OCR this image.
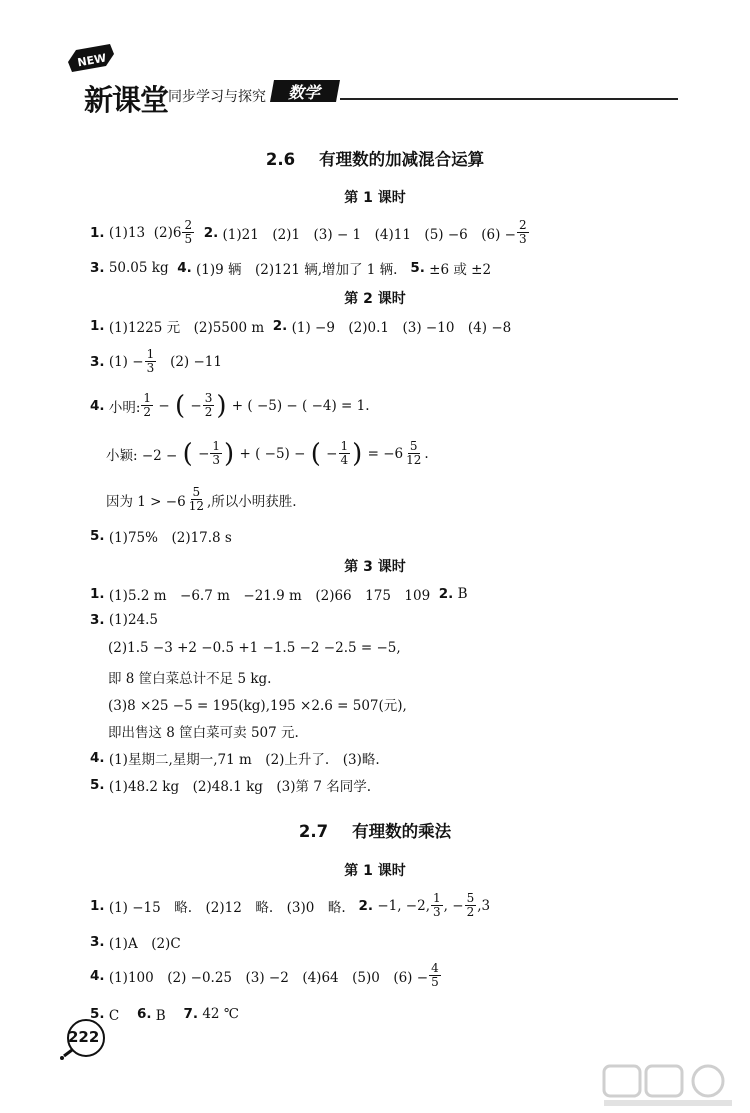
NEW
新课堂 同步学习与探究 数学
2.6 有理数的加减混合运算
第 1 课时
1.
(1)13
$(2)6 \frac{2}{5}$
2.
(1)21　(2)1　(3) − 1　(4)11　(5) −6　$(6) - \frac{2}{3}$
3.
50.05 kg
4.
(1)9 辆　(2)121 辆,增加了 1 辆.
5.
±6 或 ±2
第 2 课时
1.
(1)1225 元　(2)5500 m
2.
(1) −9　(2)0.1　(3) −10　(4) −8
3.
$(1) - \frac{1}{3}$
(2) −11
4.
小明: $\frac{1}{2}$ − ( − $\frac{3}{2}$ )
+ ( −5) − ( −4) = 1.
小颖: −2 −
( − $\frac{1}{3}$ )
+ ( −5) −
( − $\frac{1}{4}$ )
= $-6 \frac{5}{12}$ .
因为 $1 > -6 \frac{5}{12}$ ,所以小明获胜.
5.
(1)75%　(2)17.8 s
第 3 课时
1.
(1)5.2 m　−6.7 m　−21.9 m　(2)66　175　109
2.
B
3.
(1)24.5
(2)1.5 −3 +2 −0.5 +1 −1.5 −2 −2.5 = −5,
即 8 筐白菜总计不足 5 kg.
(3)8 ×25 −5 = 195(kg),195 ×2.6 = 507(元),
即出售这 8 筐白菜可卖 507 元.
4.
(1)星期二,星期一,71 m　(2)上升了.　(3)略.
5.
(1)48.2 kg　(2)48.1 kg　(3)第 7 名同学.
2.7 有理数的乘法
第 1 课时
1.
(1) −15　略.　(2)12　略.　(3)0　略.
2.
−1, −2, $\frac{1}{3}$ , − $\frac{5}{2} ,3$
3.
(1)A　(2)C
4.
(1)100　(2) −0.25　(3) −2　(4)64　(5)0　$(6) - \frac{4}{5}$
5.
C　
6.
B　
7.
42 ℃
222
